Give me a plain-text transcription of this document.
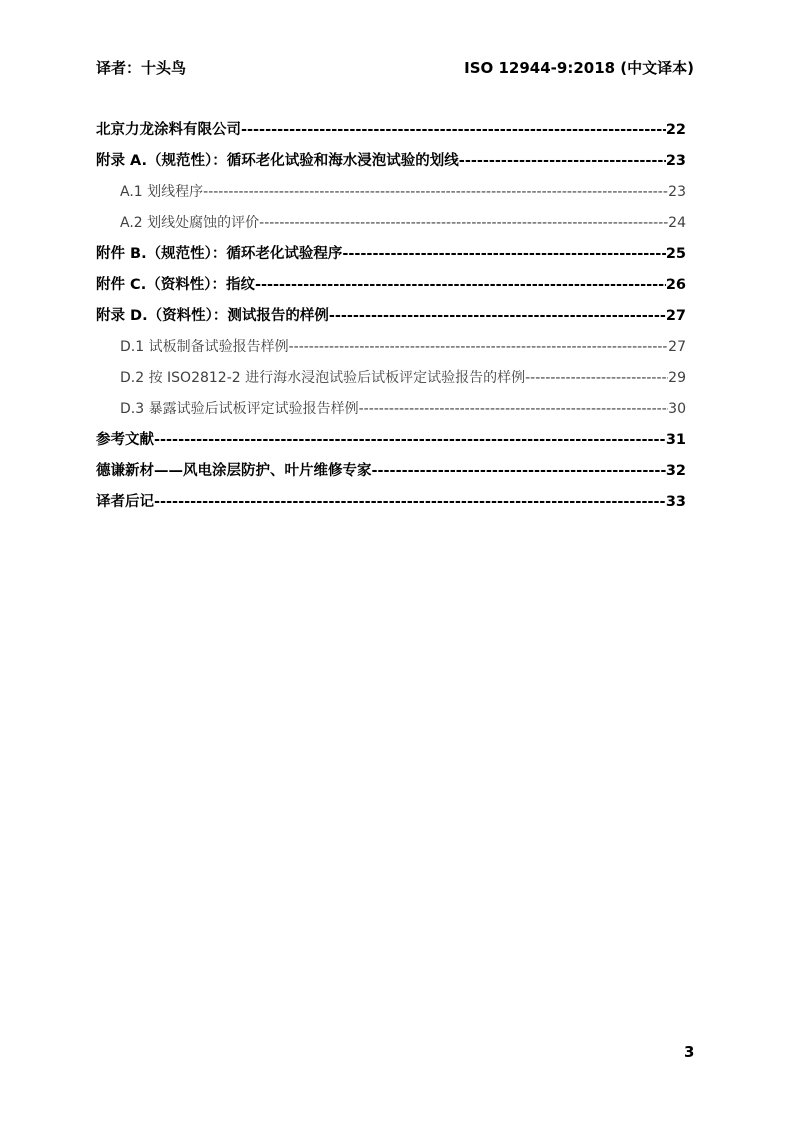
译者：十头鸟	ISO 12944-9:2018 (中文译本)
北京力龙涂料有限公司 -----	22
附录 A.（规范性）：循环老化试验和海水浸泡试验的划线 -----	23
A.1 划线程序 -----	23
A.2 划线处腐蚀的评价 -----	24
附件 B.（规范性）：循环老化试验程序 -----	25
附件 C.（资料性）：指纹 -----	26
附录 D.（资料性）：测试报告的样例 -----	27
D.1 试板制备试验报告样例 -----	27
D.2 按 ISO2812-2 进行海水浸泡试验后试板评定试验报告的样例 -----	29
D.3 暴露试验后试板评定试验报告样例 -----	30
参考文献 -----	31
德谦新材——风电涂层防护、叶片维修专家 -----	32
译者后记 -----	33
3
